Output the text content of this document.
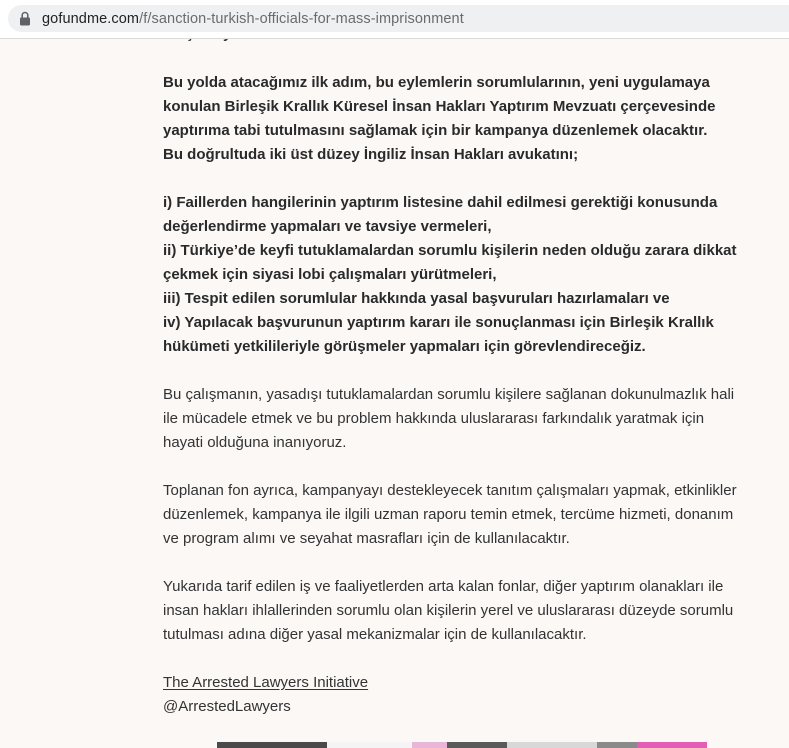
gofundme.com/f/sanction-turkish-officials-for-mass-imprisonment
Bu yolda atacağımız ilk adım, bu eylemlerin sorumlularının, yeni uygulamaya
konulan Birleşik Krallık Küresel İnsan Hakları Yaptırım Mevzuatı çerçevesinde
yaptırıma tabi tutulmasını sağlamak için bir kampanya düzenlemek olacaktır.
Bu doğrultuda iki üst düzey İngiliz İnsan Hakları avukatını;
i) Faillerden hangilerinin yaptırım listesine dahil edilmesi gerektiği konusunda
değerlendirme yapmaları ve tavsiye vermeleri,
ii) Türkiye’de keyfi tutuklamalardan sorumlu kişilerin neden olduğu zarara dikkat
çekmek için siyasi lobi çalışmaları yürütmeleri,
iii) Tespit edilen sorumlular hakkında yasal başvuruları hazırlamaları ve
iv) Yapılacak başvurunun yaptırım kararı ile sonuçlanması için Birleşik Krallık
hükümeti yetkilileriyle görüşmeler yapmaları için görevlendireceğiz.
Bu çalışmanın, yasadışı tutuklamalardan sorumlu kişilere sağlanan dokunulmazlık hali
ile mücadele etmek ve bu problem hakkında uluslararası farkındalık yaratmak için
hayati olduğuna inanıyoruz.
Toplanan fon ayrıca, kampanyayı destekleyecek tanıtım çalışmaları yapmak, etkinlikler
düzenlemek, kampanya ile ilgili uzman raporu temin etmek, tercüme hizmeti, donanım
ve program alımı ve seyahat masrafları için de kullanılacaktır.
Yukarıda tarif edilen iş ve faaliyetlerden arta kalan fonlar, diğer yaptırım olanakları ile
insan hakları ihlallerinden sorumlu olan kişilerin yerel ve uluslararası düzeyde sorumlu
tutulması adına diğer yasal mekanizmalar için de kullanılacaktır.
The Arrested Lawyers Initiative
@ArrestedLawyers
